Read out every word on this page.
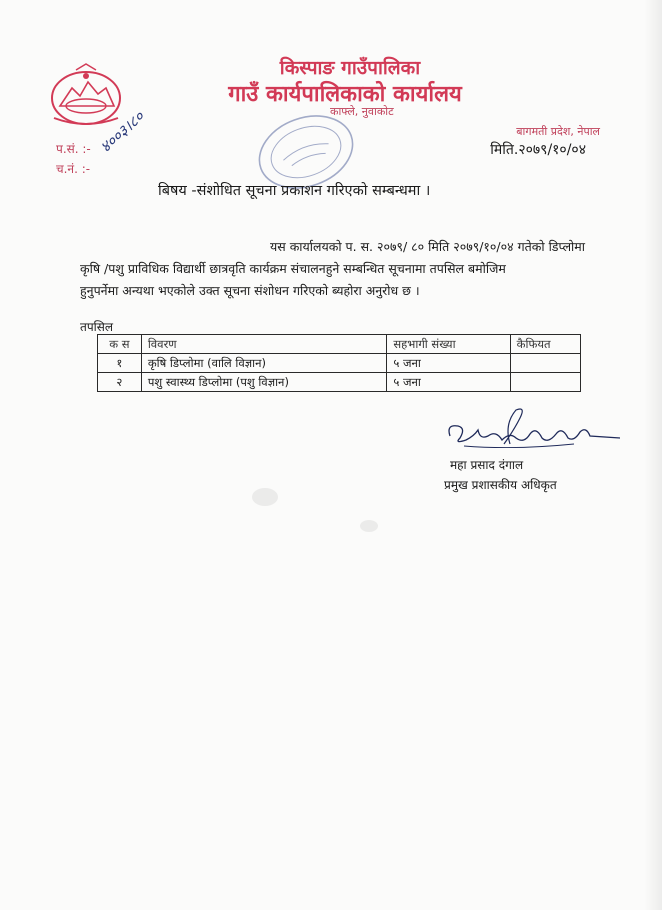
किस्पाङ गाउँपालिका
गाउँ कार्यपालिकाको कार्यालय
काफ्ले, नुवाकोट
बागमती प्रदेश, नेपाल
प.सं. :-
च.नं. :-
४००३।८०	मिति.२०७९/१०/०४
बिषय -संशोधित सूचना प्रकाशन गरिएको सम्बन्धमा ।
यस कार्यालयको प. स. २०७९/ ८० मिति २०७९/१०/०४ गतेको डिप्लोमा
कृषि /पशु प्राविधिक विद्यार्थी छात्रवृति कार्यक्रम संचालनहुने सम्बन्धित सूचनामा तपसिल बमोजिम
हुनुपर्नेमा अन्यथा भएकोले उक्त सूचना संशोधन गरिएको ब्यहोरा अनुरोध छ ।
तपसिल
क स	विवरण	सहभागी संख्या	कैफियत
१	कृषि डिप्लोमा (वालि विज्ञान)	५ जना	
२	पशु स्वास्थ्य डिप्लोमा (पशु विज्ञान)	५ जना	
महा प्रसाद दंगाल
प्रमुख प्रशासकीय अधिकृत
